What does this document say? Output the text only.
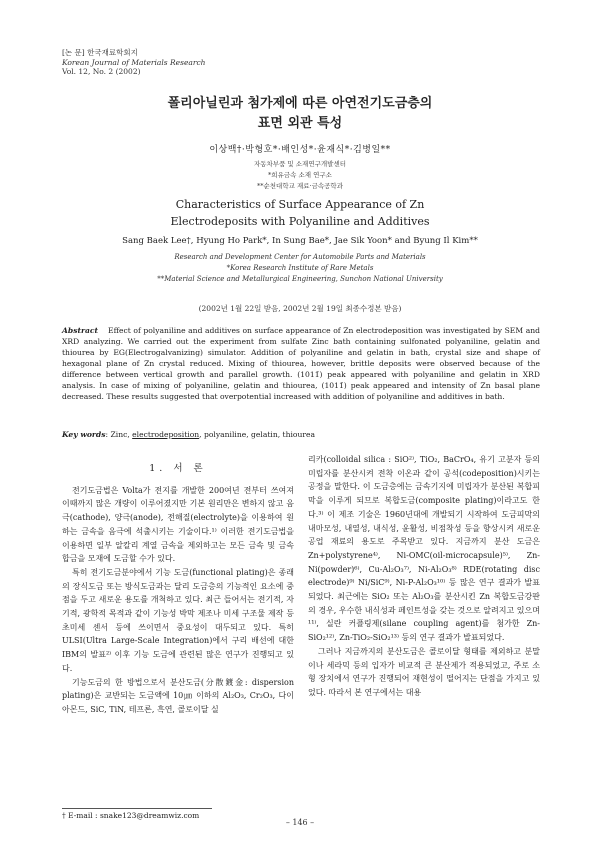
[논 문] 한국재료학회지
Korean Journal of Materials Research
Vol. 12, No. 2 (2002)
폴리아닐린과 첨가제에 따른 아연전기도금층의
표면 외관 특성
이상백†·박형호*·배인성*·윤재식*·김병일**
자동차부품 및 소재연구개발센터
*희유금속 소재 연구소
**순천대학교 재료·금속공학과
Characteristics of Surface Appearance of Zn
Electrodeposits with Polyaniline and Additives
Sang Baek Lee†, Hyung Ho Park*, In Sung Bae*, Jae Sik Yoon* and Byung Il Kim**
Research and Development Center for Automobile Parts and Materials
*Korea Research Institute of Rare Metals
**Material Science and Metallurgical Engineering, Sunchon National University
(2002년 1월 22일 받음, 2002년 2월 19일 최종수정본 받음)
Abstract Effect of polyaniline and additives on surface appearance of Zn electrodeposition was investigated by SEM and XRD analyzing. We carried out the experiment from sulfate Zinc bath containing sulfonated polyaniline, gelatin and thiourea by EG(Electrogalvanizing) simulator. Addition of polyaniline and gelatin in bath, crystal size and shape of hexagonal plane of Zn crystal reduced. Mixing of thiourea, however, brittle deposits were observed because of the difference between vertical growth and parallel growth. (1011̄) peak appeared with polyaniline and gelatin in XRD analysis. In case of mixing of polyaniline, gelatin and thiourea, (1011̄) peak appeared and intensity of Zn basal plane decreased. These results suggested that overpotential increased with addition of polyaniline and additives in bath.
Key words: Zinc, electrodeposition, polyaniline, gelatin, thiourea
1. 서 론

전기도금법은 Volta가 전지를 개발한 200여년 전부터 쓰여져 이때까지 많은 개량이 이루어졌지만 기본 원리만은 변하지 않고 음극(cathode), 양극(anode), 전해질(electrolyte)을 이용하여 원하는 금속을 음극에 석출시키는 기술이다.¹⁾ 이러한 전기도금법을 이용하면 일부 알칼리 계열 금속을 제외하고는 모든 금속 및 금속 합금을 모재에 도금할 수가 있다.

특히 전기도금분야에서 기능 도금(functional plating)은 종래의 장식도금 또는 방식도금과는 달리 도금층의 기능적인 요소에 중점을 두고 새로운 용도를 개척하고 있다. 최근 들어서는 전기적, 자기적, 광학적 목적과 같이 기능성 박막 제조나 미세 구조물 제작 등 초미세 센서 등에 쓰이면서 중요성이 대두되고 있다. 특히 ULSI(Ultra Large-Scale Integration)에서 구리 배선에 대한 IBM의 발표²⁾ 이후 기능 도금에 관련된 많은 연구가 진행되고 있다.

기능도금의 한 방법으로서 분산도금(分散鍍金: dispersion plating)은 교반되는 도금액에 10㎛ 이하의 Al₂O₃, Cr₂O₃, 다이아몬드, SiC, TiN, 테프론, 흑연, 콜로이달 실

리카(colloidal silica : SiO²⁾, TiO₂, BaCrO₄, 유기 고분자 등의 미립자를 분산시켜 전착 이온과 같이 공석(codeposition)시키는 공정을 말한다. 이 도금층에는 금속기지에 미립자가 분산된 복합피막을 이루게 되므로 복합도금(composite plating)이라고도 한다.³⁾ 이 제조 기술은 1960년대에 개발되기 시작하여 도금피막의 내마모성, 내열성, 내식성, 윤활성, 비점착성 등을 향상시켜 새로운 공업 재료의 용도로 주목받고 있다. 지금까지 분산 도금은 Zn+polystyrene⁴⁾, Ni-OMC(oil-microcapsule)⁵⁾, Zn-Ni(powder)⁶⁾, Cu-Al₂O₃⁷⁾, Ni-Al₂O₃⁸⁾ RDE(rotating disc electrode)⁹⁾ Ni/SiC⁹⁾, Ni-P-Al₂O₃¹⁰⁾ 등 많은 연구 결과가 발표되었다. 최근에는 SiO₂ 또는 Al₂O₃를 분산시킨 Zn 복합도금강판의 경우, 우수한 내식성과 페인트성을 갖는 것으로 알려지고 있으며¹¹⁾, 실란 커플링제(silane coupling agent)를 첨가한 Zn-SiO₂¹²⁾, Zn-TiO₂-SiO₂¹³⁾ 등의 연구 결과가 발표되었다.

그러나 지금까지의 분산도금은 콜로이달 형태를 제외하고 분말이나 세라믹 등의 입자가 비교적 큰 분산제가 적용되었고, 주로 소형 장치에서 연구가 진행되어 재현성이 떨어지는 단점을 가지고 있었다. 따라서 본 연구에서는 대용

† E-mail : snake123@dreamwiz.com
– 146 –
